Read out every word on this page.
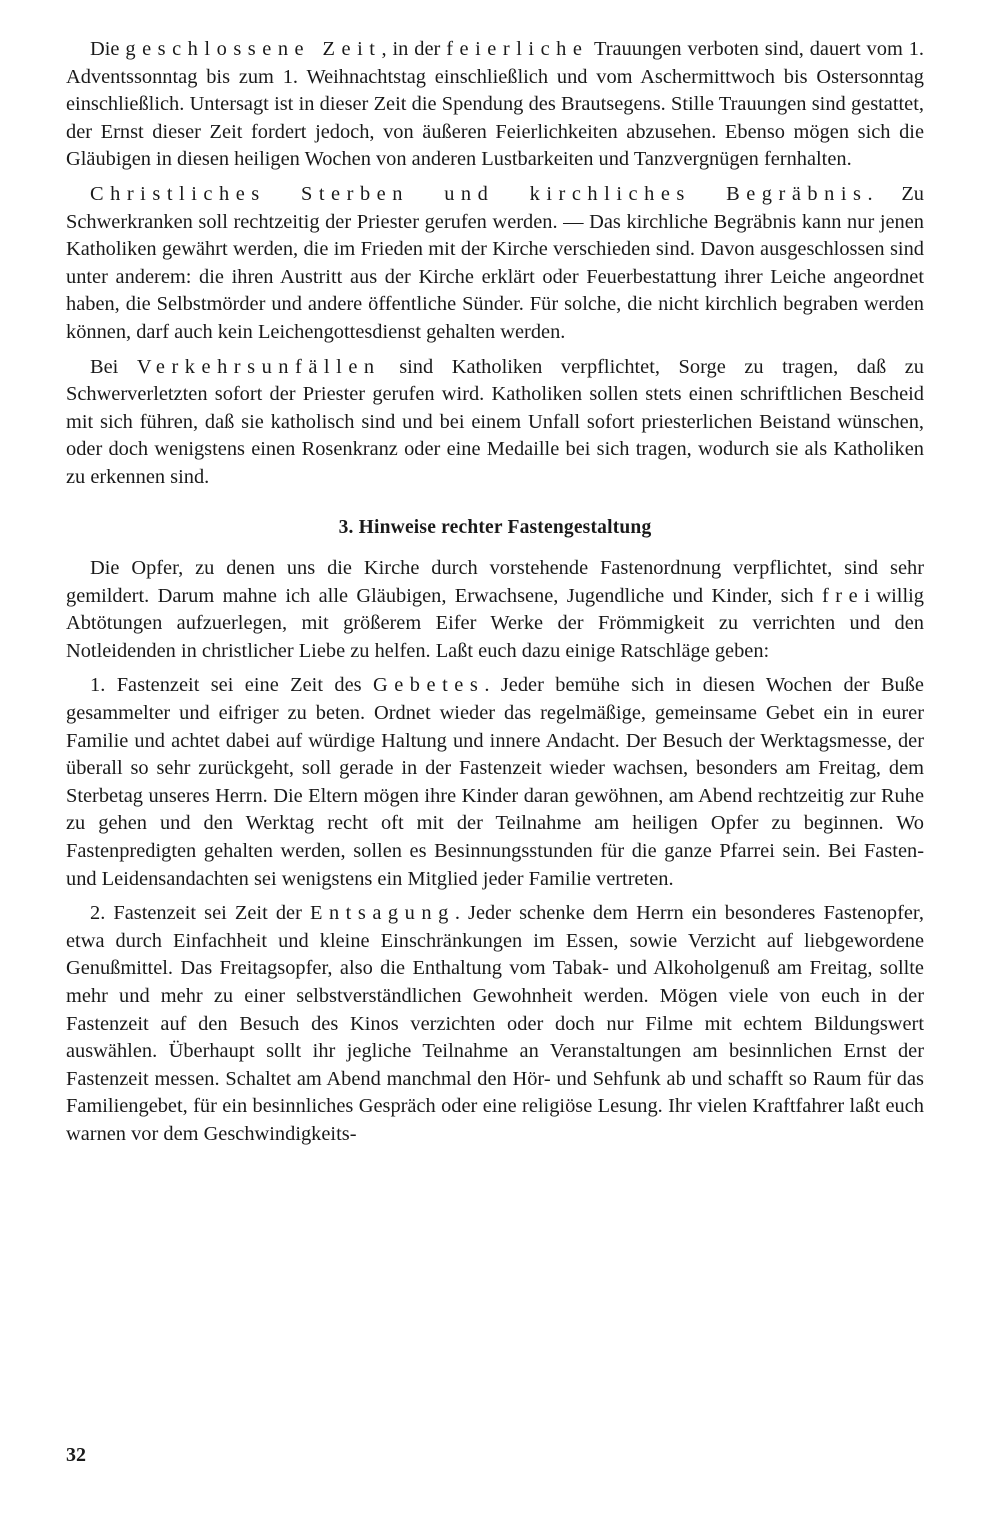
Die geschlossene Zeit, in der feierliche Trauungen verboten sind, dauert vom 1. Adventssonntag bis zum 1. Weihnachtstag einschließlich und vom Aschermittwoch bis Ostersonntag einschließlich. Untersagt ist in dieser Zeit die Spendung des Brautsegens. Stille Trauungen sind gestattet, der Ernst dieser Zeit fordert jedoch, von äußeren Feierlichkeiten abzusehen. Ebenso mögen sich die Gläubigen in diesen heiligen Wochen von anderen Lustbarkeiten und Tanzvergnügen fernhalten.

Christliches Sterben und kirchliches Begräbnis. Zu Schwerkranken soll rechtzeitig der Priester gerufen werden. — Das kirchliche Begräbnis kann nur jenen Katholiken gewährt werden, die im Frieden mit der Kirche verschieden sind. Davon ausgeschlossen sind unter anderem: die ihren Austritt aus der Kirche erklärt oder Feuerbestattung ihrer Leiche angeordnet haben, die Selbstmörder und andere öffentliche Sünder. Für solche, die nicht kirchlich begraben werden können, darf auch kein Leichengottesdienst gehalten werden.

Bei Verkehrsunfällen sind Katholiken verpflichtet, Sorge zu tragen, daß zu Schwerverletzten sofort der Priester gerufen wird. Katholiken sollen stets einen schriftlichen Bescheid mit sich führen, daß sie katholisch sind und bei einem Unfall sofort priesterlichen Beistand wünschen, oder doch wenigstens einen Rosenkranz oder eine Medaille bei sich tragen, wodurch sie als Katholiken zu erkennen sind.

3. Hinweise rechter Fastengestaltung

Die Opfer, zu denen uns die Kirche durch vorstehende Fastenordnung verpflichtet, sind sehr gemildert. Darum mahne ich alle Gläubigen, Erwachsene, Jugendliche und Kinder, sich freiwillig Abtötungen aufzuerlegen, mit größerem Eifer Werke der Frömmigkeit zu verrichten und den Notleidenden in christlicher Liebe zu helfen. Laßt euch dazu einige Ratschläge geben:

1. Fastenzeit sei eine Zeit des Gebetes. Jeder bemühe sich in diesen Wochen der Buße gesammelter und eifriger zu beten. Ordnet wieder das regelmäßige, gemeinsame Gebet ein in eurer Familie und achtet dabei auf würdige Haltung und innere Andacht. Der Besuch der Werktagsmesse, der überall so sehr zurückgeht, soll gerade in der Fastenzeit wieder wachsen, besonders am Freitag, dem Sterbetag unseres Herrn. Die Eltern mögen ihre Kinder daran gewöhnen, am Abend rechtzeitig zur Ruhe zu gehen und den Werktag recht oft mit der Teilnahme am heiligen Opfer zu beginnen. Wo Fastenpredigten gehalten werden, sollen es Besinnungsstunden für die ganze Pfarrei sein. Bei Fasten- und Leidensandachten sei wenigstens ein Mitglied jeder Familie vertreten.

2. Fastenzeit sei Zeit der Entsagung. Jeder schenke dem Herrn ein besonderes Fastenopfer, etwa durch Einfachheit und kleine Einschränkungen im Essen, sowie Verzicht auf liebgewordene Genußmittel. Das Freitagsopfer, also die Enthaltung vom Tabak- und Alkoholgenuß am Freitag, sollte mehr und mehr zu einer selbstverständlichen Gewohnheit werden. Mögen viele von euch in der Fastenzeit auf den Besuch des Kinos verzichten oder doch nur Filme mit echtem Bildungswert auswählen. Überhaupt sollt ihr jegliche Teilnahme an Veranstaltungen am besinnlichen Ernst der Fastenzeit messen. Schaltet am Abend manchmal den Hör- und Sehfunk ab und schafft so Raum für das Familiengebet, für ein besinnliches Gespräch oder eine religiöse Lesung. Ihr vielen Kraftfahrer laßt euch warnen vor dem Geschwindigkeits-

32
